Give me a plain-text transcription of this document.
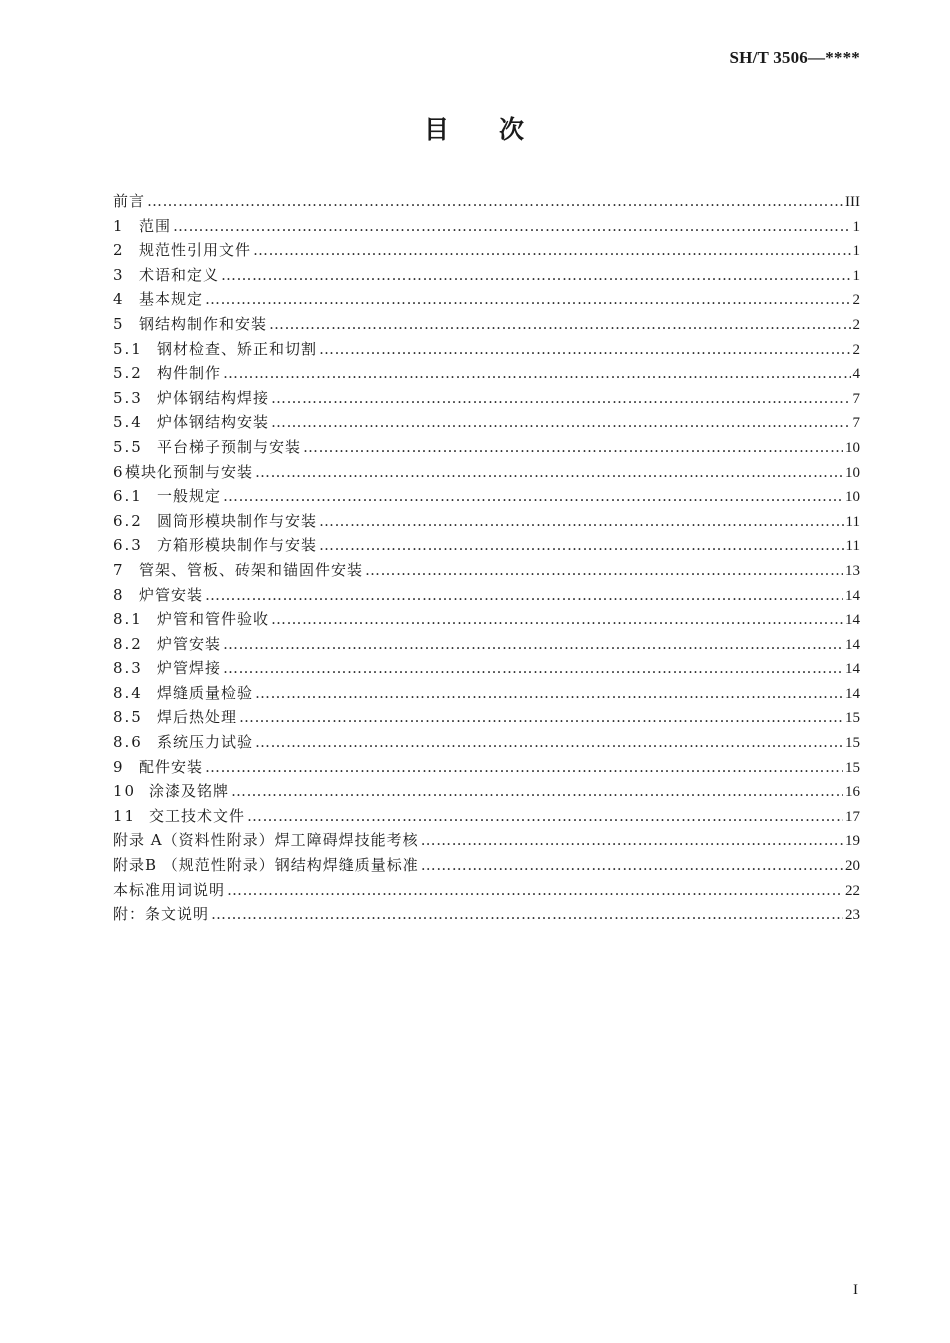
SH/T 3506—****
目 次
前言 ……………………………………………………………………………………………………………………………………………………………………………………………………	III
1 范围 ……………………………………………………………………………………………………………………………………………………………………………………………………	1
2 规范性引用文件 ……………………………………………………………………………………………………………………………………………………………………………………………………	1
3 术语和定义 ……………………………………………………………………………………………………………………………………………………………………………………………………	1
4 基本规定 ……………………………………………………………………………………………………………………………………………………………………………………………………	2
5 钢结构制作和安装 ……………………………………………………………………………………………………………………………………………………………………………………………………	2
5.1 钢材检查、矫正和切割 ……………………………………………………………………………………………………………………………………………………………………………………………………	2
5.2 构件制作 ……………………………………………………………………………………………………………………………………………………………………………………………………	4
5.3 炉体钢结构焊接 ……………………………………………………………………………………………………………………………………………………………………………………………………	7
5.4 炉体钢结构安装 ……………………………………………………………………………………………………………………………………………………………………………………………………	7
5.5 平台梯子预制与安装 ……………………………………………………………………………………………………………………………………………………………………………………………………	10
6 模块化预制与安装 ……………………………………………………………………………………………………………………………………………………………………………………………………	10
6.1 一般规定 ……………………………………………………………………………………………………………………………………………………………………………………………………	10
6.2 圆筒形模块制作与安装 ……………………………………………………………………………………………………………………………………………………………………………………………………	11
6.3 方箱形模块制作与安装 ……………………………………………………………………………………………………………………………………………………………………………………………………	11
7 管架、管板、砖架和锚固件安装 ……………………………………………………………………………………………………………………………………………………………………………………………………	13
8 炉管安装 ……………………………………………………………………………………………………………………………………………………………………………………………………	14
8.1 炉管和管件验收 ……………………………………………………………………………………………………………………………………………………………………………………………………	14
8.2 炉管安装 ……………………………………………………………………………………………………………………………………………………………………………………………………	14
8.3 炉管焊接 ……………………………………………………………………………………………………………………………………………………………………………………………………	14
8.4 焊缝质量检验 ……………………………………………………………………………………………………………………………………………………………………………………………………	14
8.5 焊后热处理 ……………………………………………………………………………………………………………………………………………………………………………………………………	15
8.6 系统压力试验 ……………………………………………………………………………………………………………………………………………………………………………………………………	15
9 配件安装 ……………………………………………………………………………………………………………………………………………………………………………………………………	15
10 涂漆及铭牌 ……………………………………………………………………………………………………………………………………………………………………………………………………	16
11 交工技术文件 ……………………………………………………………………………………………………………………………………………………………………………………………………	17
附录 A（资料性附录）焊工障碍焊技能考核 ……………………………………………………………………………………………………………………………………………………………………………………………………	19
附录B （规范性附录）钢结构焊缝质量标准 ……………………………………………………………………………………………………………………………………………………………………………………………………	20
本标准用词说明 ……………………………………………………………………………………………………………………………………………………………………………………………………	22
附：条文说明 ……………………………………………………………………………………………………………………………………………………………………………………………………	23
I
